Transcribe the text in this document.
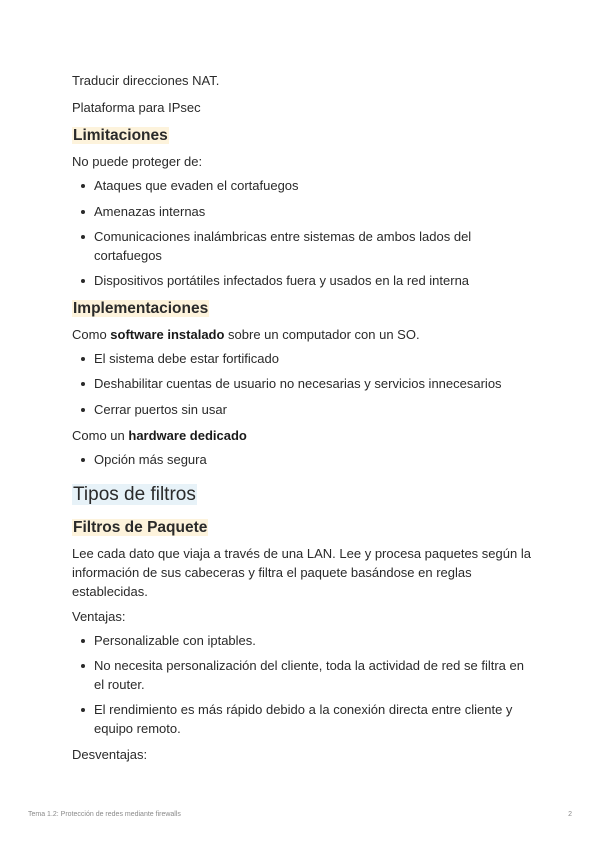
Traducir direcciones NAT.

Plataforma para IPsec

Limitaciones

No puede proteger de:

Ataques que evaden el cortafuegos
Amenazas internas
Comunicaciones inalámbricas entre sistemas de ambos lados del cortafuegos
Dispositivos portátiles infectados fuera y usados en la red interna
Implementaciones

Como software instalado sobre un computador con un SO.

El sistema debe estar fortificado
Deshabilitar cuentas de usuario no necesarias y servicios innecesarios
Cerrar puertos sin usar

Como un hardware dedicado

Opción más segura
Tipos de filtros
Filtros de Paquete

Lee cada dato que viaja a través de una LAN. Lee y procesa paquetes según la información de sus cabeceras y filtra el paquete basándose en reglas establecidas.

Ventajas:

Personalizable con iptables.
No necesita personalización del cliente, toda la actividad de red se filtra en el router.
El rendimiento es más rápido debido a la conexión directa entre cliente y equipo remoto.

Desventajas:

Tema 1.2: Protección de redes mediante firewalls	2
